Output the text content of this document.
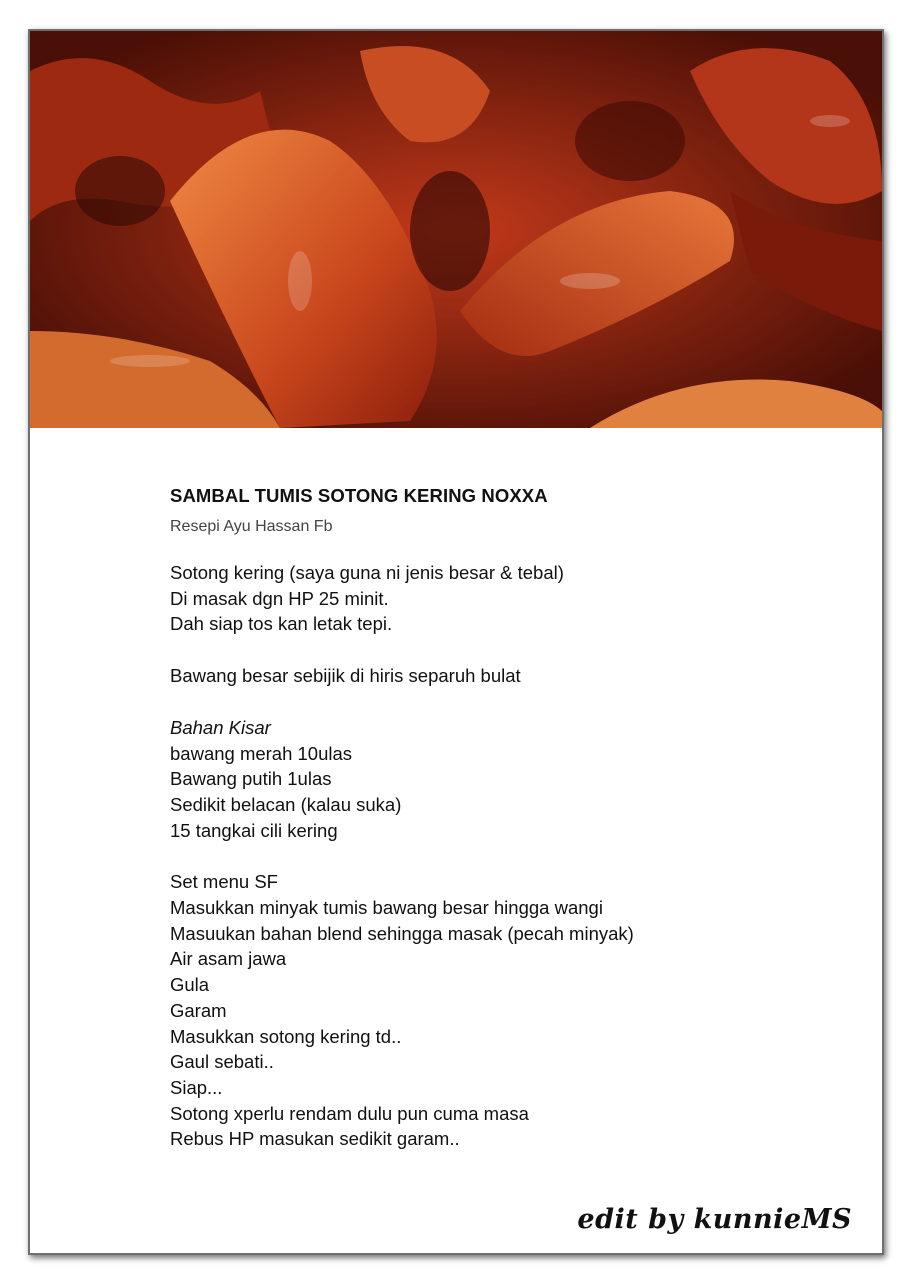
SAMBAL TUMIS SOTONG KERING NOXXA
Resepi Ayu Hassan Fb
Sotong kering (saya guna ni jenis besar & tebal)
Di masak dgn HP 25 minit.
Dah siap tos kan letak tepi.
Bawang besar sebijik di hiris separuh bulat
Bahan Kisar
bawang merah 10ulas
Bawang putih 1ulas
Sedikit belacan (kalau suka)
15 tangkai cili kering
Set menu SF
Masukkan minyak tumis bawang besar hingga wangi
Masuukan bahan blend sehingga masak (pecah minyak)
Air asam jawa
Gula
Garam
Masukkan sotong kering td..
Gaul sebati..
Siap...
Sotong xperlu rendam dulu pun cuma masa
Rebus HP masukan sedikit garam..
edit by kunnieMS
